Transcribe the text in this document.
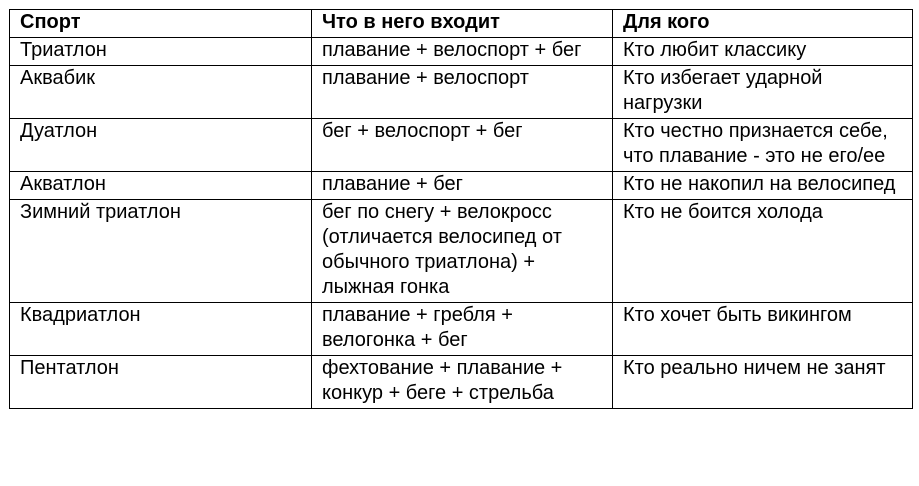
Спорт	Что в него входит	Для кого
Триатлон	плавание + велоспорт + бег	Кто любит классику
Аквабик	плавание + велоспорт	Кто избегает ударной нагрузки
Дуатлон	бег + велоспорт + бег	Кто честно признается себе, что плавание - это не его/ее
Акватлон	плавание + бег	Кто не накопил на велосипед
Зимний триатлон	бег по снегу + велокросс (отличается велосипед от обычного триатлона) + лыжная гонка	Кто не боится холода
Квадриатлон	плавание + гребля + велогонка + бег	Кто хочет быть викингом
Пентатлон	фехтование + плавание + конкур + беге + стрельба	Кто реально ничем не занят
